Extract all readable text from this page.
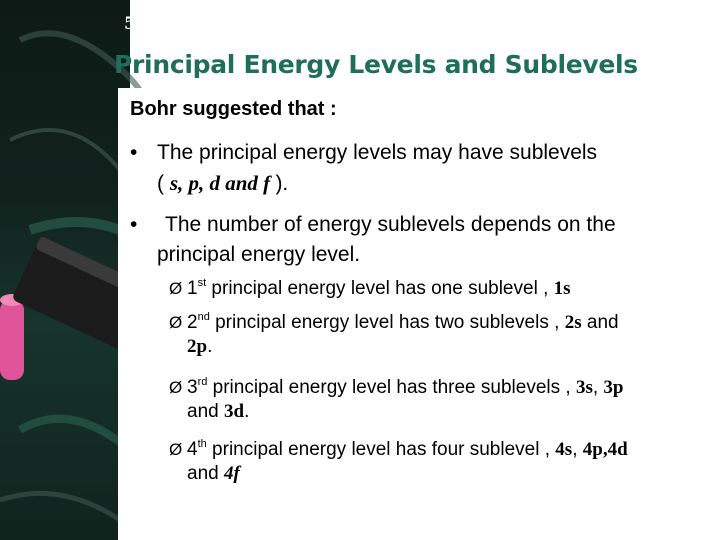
5.2: Improvements to the Atomic Model
Principal Energy Levels and Sublevels
Bohr suggested that :
• The principal energy levels may have sublevels
( s, p, d and f ).
• The number of energy sublevels depends on the
principal energy level.
Ø 1st principal energy level has one sublevel , 1s
Ø 2nd principal energy level has two sublevels , 2s and
2p.
Ø 3rd principal energy level has three sublevels , 3s, 3p
and 3d.
Ø 4th principal energy level has four sublevel , 4s, 4p,4d
and 4f
